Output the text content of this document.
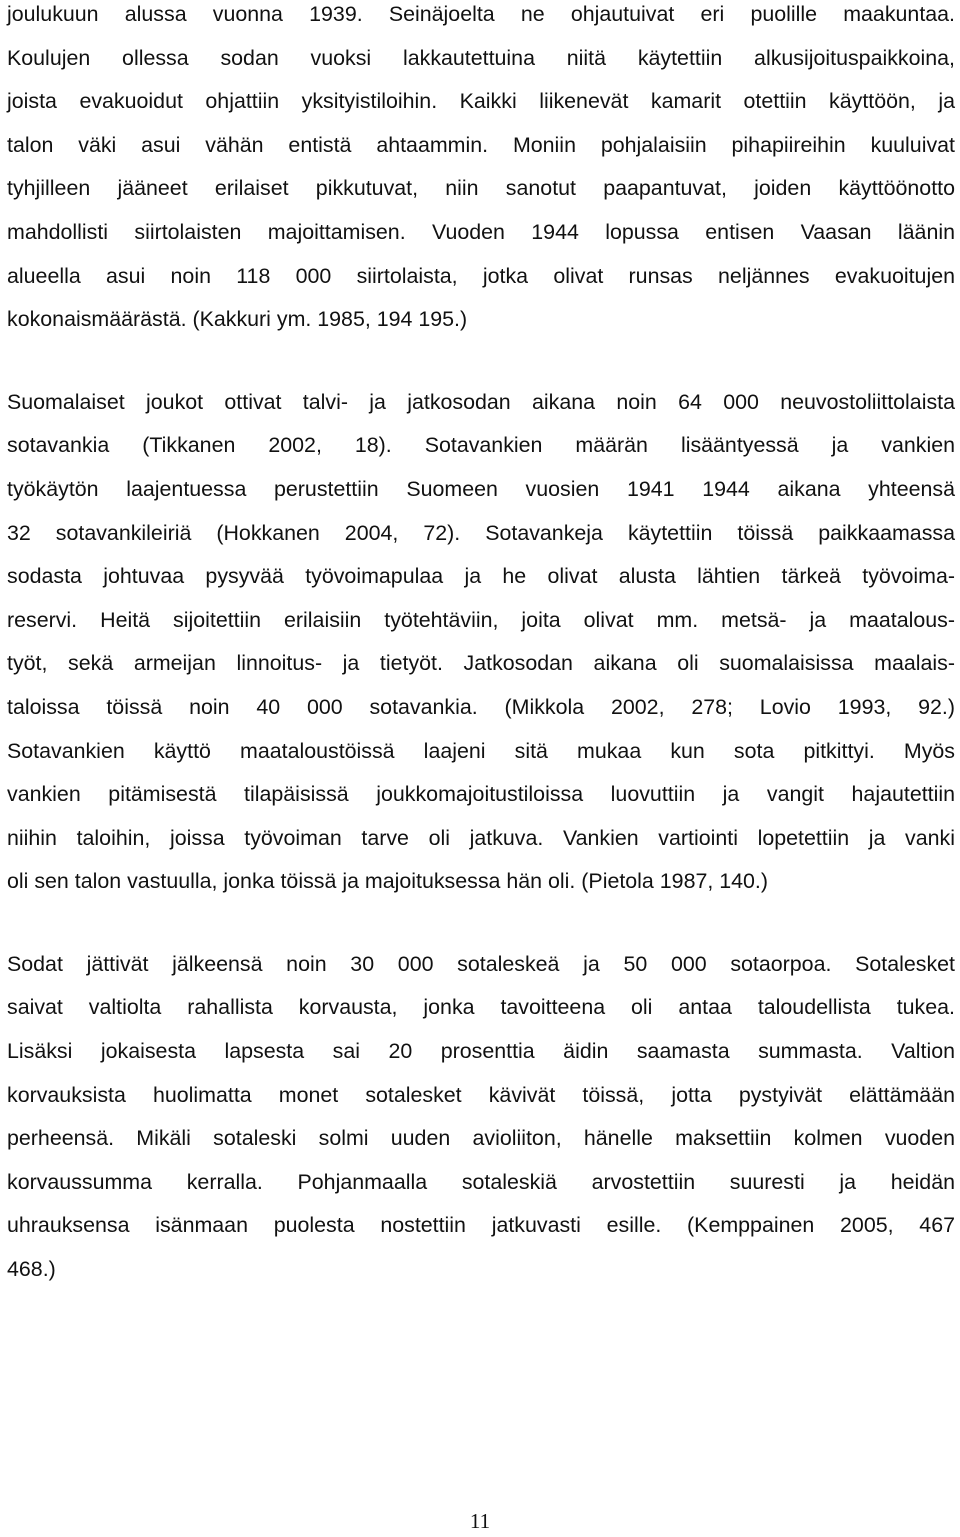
joulukuun alussa vuonna 1939. Seinäjoelta ne ohjautuivat eri puolille maakuntaa.
Koulujen ollessa sodan vuoksi lakkautettuina niitä käytettiin alkusijoituspaikkoina,
joista evakuoidut ohjattiin yksityistiloihin. Kaikki liikenevät kamarit otettiin käyttöön, ja
talon väki asui vähän entistä ahtaammin. Moniin pohjalaisiin pihapiireihin kuuluivat
tyhjilleen jääneet erilaiset pikkutuvat, niin sanotut paapantuvat, joiden käyttöönotto
mahdollisti siirtolaisten majoittamisen. Vuoden 1944 lopussa entisen Vaasan läänin
alueella asui noin 118 000 siirtolaista, jotka olivat runsas neljännes evakuoitujen
kokonaismäärästä. (Kakkuri ym. 1985, 194 195.)
Suomalaiset joukot ottivat talvi- ja jatkosodan aikana noin 64 000 neuvostoliittolaista
sotavankia (Tikkanen 2002, 18). Sotavankien määrän lisääntyessä ja vankien
työkäytön laajentuessa perustettiin Suomeen vuosien 1941 1944 aikana yhteensä
32 sotavankileiriä (Hokkanen 2004, 72). Sotavankeja käytettiin töissä paikkaamassa
sodasta johtuvaa pysyvää työvoimapulaa ja he olivat alusta lähtien tärkeä työvoima-
reservi. Heitä sijoitettiin erilaisiin työtehtäviin, joita olivat mm. metsä- ja maatalous-
työt, sekä armeijan linnoitus- ja tietyöt. Jatkosodan aikana oli suomalaisissa maalais-
taloissa töissä noin 40 000 sotavankia. (Mikkola 2002, 278; Lovio 1993, 92.)
Sotavankien käyttö maataloustöissä laajeni sitä mukaa kun sota pitkittyi. Myös
vankien pitämisestä tilapäisissä joukkomajoitustiloissa luovuttiin ja vangit hajautettiin
niihin taloihin, joissa työvoiman tarve oli jatkuva. Vankien vartiointi lopetettiin ja vanki
oli sen talon vastuulla, jonka töissä ja majoituksessa hän oli. (Pietola 1987, 140.)
Sodat jättivät jälkeensä noin 30 000 sotaleskeä ja 50 000 sotaorpoa. Sotalesket
saivat valtiolta rahallista korvausta, jonka tavoitteena oli antaa taloudellista tukea.
Lisäksi jokaisesta lapsesta sai 20 prosenttia äidin saamasta summasta. Valtion
korvauksista huolimatta monet sotalesket kävivät töissä, jotta pystyivät elättämään
perheensä. Mikäli sotaleski solmi uuden avioliiton, hänelle maksettiin kolmen vuoden
korvaussumma kerralla. Pohjanmaalla sotaleskiä arvostettiin suuresti ja heidän
uhrauksensa isänmaan puolesta nostettiin jatkuvasti esille. (Kemppainen 2005, 467
468.)
11
